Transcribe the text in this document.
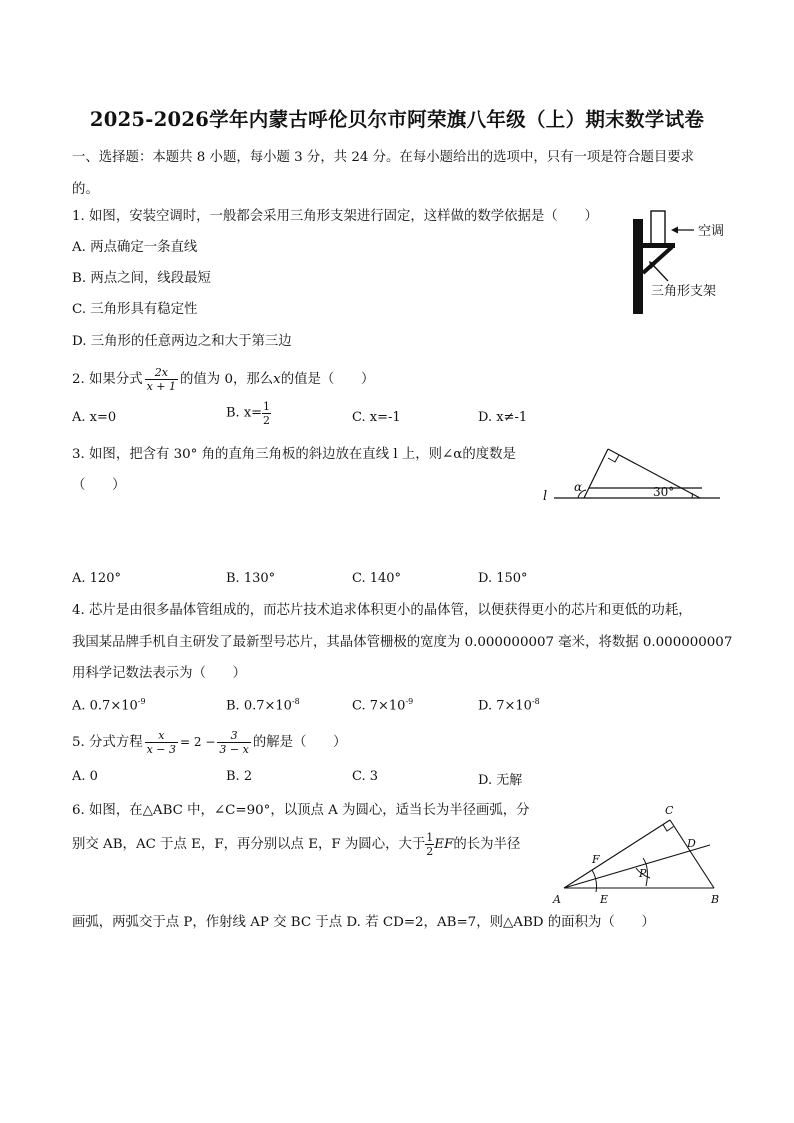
2025-2026学年内蒙古呼伦贝尔市阿荣旗八年级（上）期末数学试卷
一、选择题：本题共 8 小题，每小题 3 分，共 24 分。在每小题给出的选项中，只有一项是符合题目要求
的。
1. 如图，安装空调时，一般都会采用三角形支架进行固定，这样做的数学依据是（　　）
A. 两点确定一条直线
B. 两点之间，线段最短
C. 三角形具有稳定性
D. 三角形的任意两边之和大于第三边
空调
三角形支架
2. 如果分式 $\frac{2x}{x + 1}$ 的值为 0，那么x的值是（　　）
A. x=0	B. $x= \frac{1}{2}$	C. x=-1	D. x≠-1
3. 如图，把含有 30° 角的直角三角板的斜边放在直线 l 上，则∠α的度数是
（　　）
l
α	30°
A. 120°	B. 130°	C. 140°	D. 150°
4. 芯片是由很多晶体管组成的，而芯片技术追求体积更小的晶体管，以便获得更小的芯片和更低的功耗，
我国某品牌手机自主研发了最新型号芯片，其晶体管栅极的宽度为 0.000000007 毫米，将数据 0.000000007
用科学记数法表示为（　　）
A. $0.7\times 10^{-9}$	B. $0.7\times 10^{-8}$	C. $7\times 10^{-9}$	D. $7\times 10^{-8}$
5. 分式方程 $\frac{x}{x - 3} = 2 - \frac{3}{3 - x}$ 的解是（　　）
A. 0	B. 2	C. 3	D. 无解
6. 如图，在△ABC 中，∠C=90°，以顶点 A 为圆心，适当长为半径画弧，分
别交 AB，AC 于点 E，F，再分别以点 E，F 为圆心，大于 $\frac{1}{2}$ EF的长为半径
画弧，两弧交于点 P，作射线 AP 交 BC 于点 D. 若 CD=2，AB=7，则△ABD 的面积为（　　）
A	E	B
C
D
F
P
